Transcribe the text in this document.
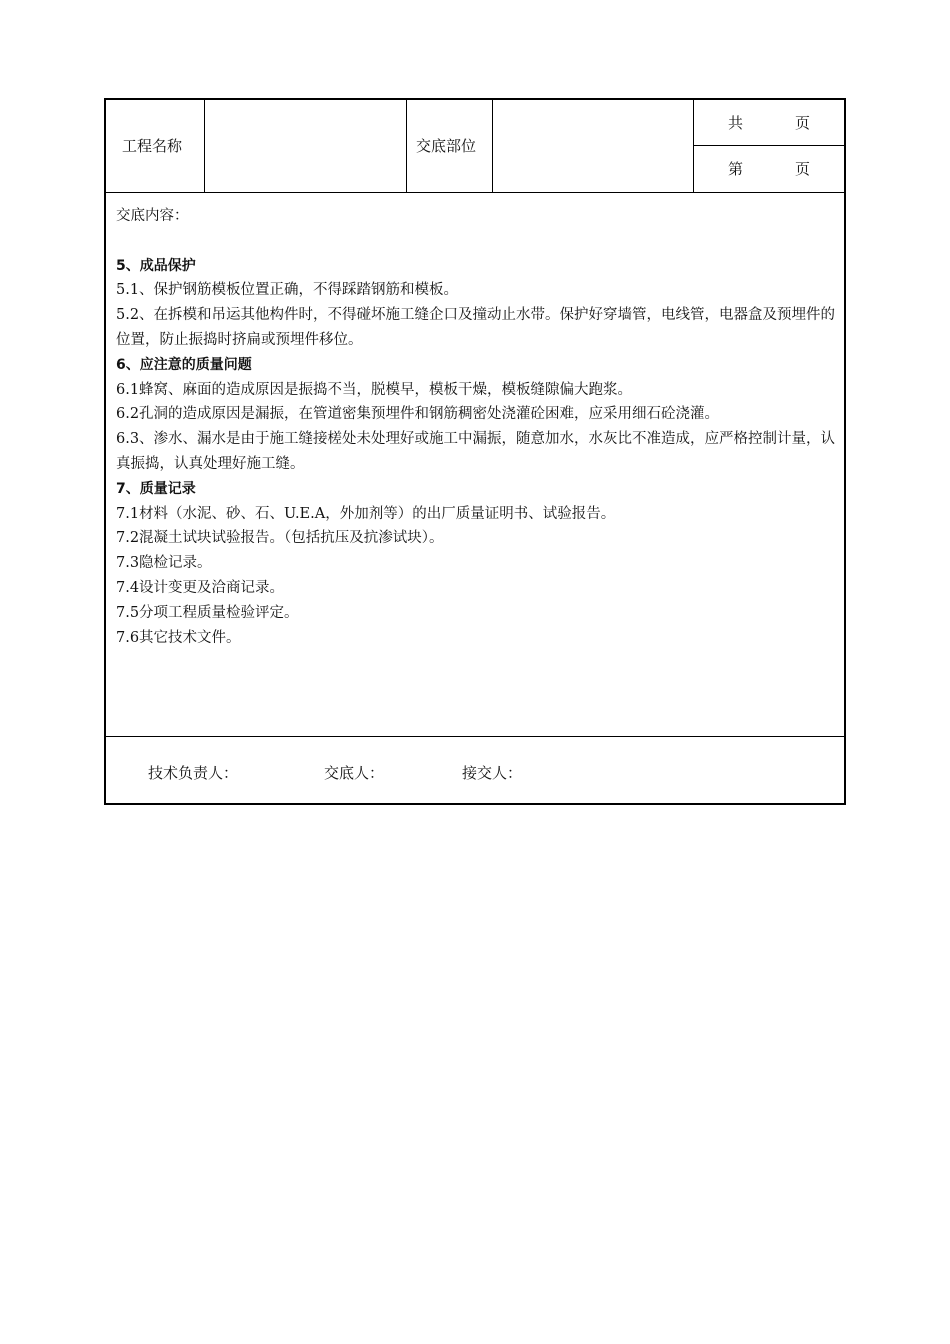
工程名称	交底部位
共	页
第	页

交底内容：

5、成品保护

5.1、保护钢筋模板位置正确，不得踩踏钢筋和模板。

5.2、在拆模和吊运其他构件时，不得碰坏施工缝企口及撞动止水带。保护好穿墙管，电线管，电器盒及预埋件的位置，防止振捣时挤扁或预埋件移位。

6、应注意的质量问题

6.1蜂窝、麻面的造成原因是振捣不当，脱模早，模板干燥，模板缝隙偏大跑浆。

6.2孔洞的造成原因是漏振，在管道密集预埋件和钢筋稠密处浇灌砼困难，应采用细石砼浇灌。

6.3、渗水、漏水是由于施工缝接槎处未处理好或施工中漏振，随意加水，水灰比不准造成，应严格控制计量，认真振捣，认真处理好施工缝。

7、质量记录

7.1材料（水泥、砂、石、U.E.A，外加剂等）的出厂质量证明书、试验报告。

7.2混凝土试块试验报告。（包括抗压及抗渗试块）。

7.3隐检记录。

7.4设计变更及洽商记录。

7.5分项工程质量检验评定。

7.6其它技术文件。

技术负责人：	交底人：	接交人：
